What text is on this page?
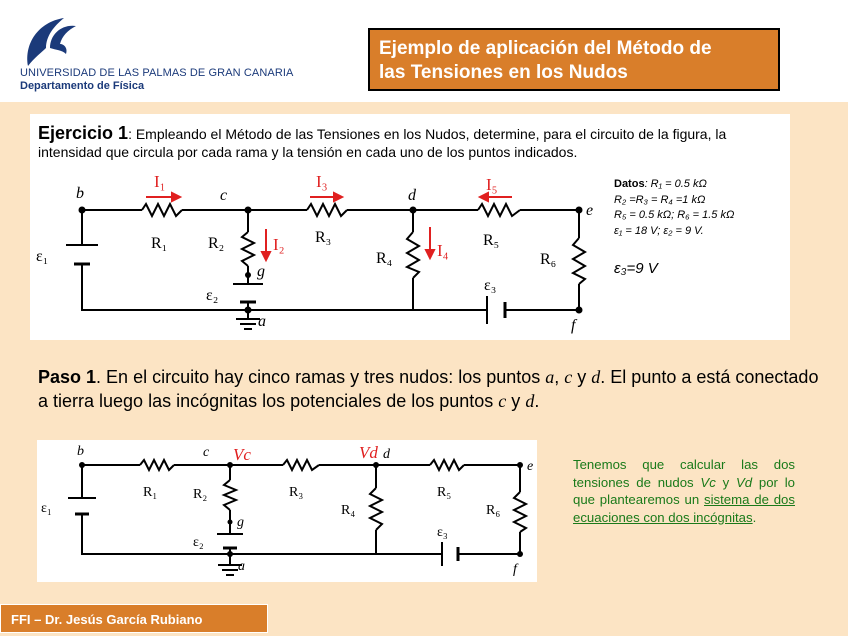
UNIVERSIDAD DE LAS PALMAS DE GRAN CANARIA
Departamento de Física
Ejemplo de aplicación del Método de
las Tensiones en los Nudos
Ejercicio 1: Empleando el Método de las Tensiones en los Nudos, determine, para el circuito de la figura, la intensidad que circula por cada rama y la tensión en cada uno de los puntos indicados.
b	c	d
e
f
g
a
R₁	R₂	R₃
R₄
R₅
R₆
ε₁
ε₂
ε₃
I₁	I₃	I₅
I₂	I₄
Datos: R₁ = 0.5 kΩ
R₂ =R₃ = R₄ =1 kΩ
R₅ = 0.5 kΩ; R₆ = 1.5 kΩ
ε₁ = 18 V; ε₂ = 9 V.
ε₃=9 V
Paso 1. En el circuito hay cinco ramas y tres nudos: los puntos a, c y d. El punto a está conectado a tierra luego las incógnitas los potenciales de los puntos c y d.
b	c	d
e
f
g
a
R₁	R₂	R₃
R₄
R₅
R₆
ε₁
ε₂
ε₃
Vc	Vd
Tenemos que calcular las dos tensiones de nudos Vc y Vd por lo que plantearemos un sistema de dos ecuaciones con dos incógnitas.
FFI – Dr. Jesús García Rubiano
